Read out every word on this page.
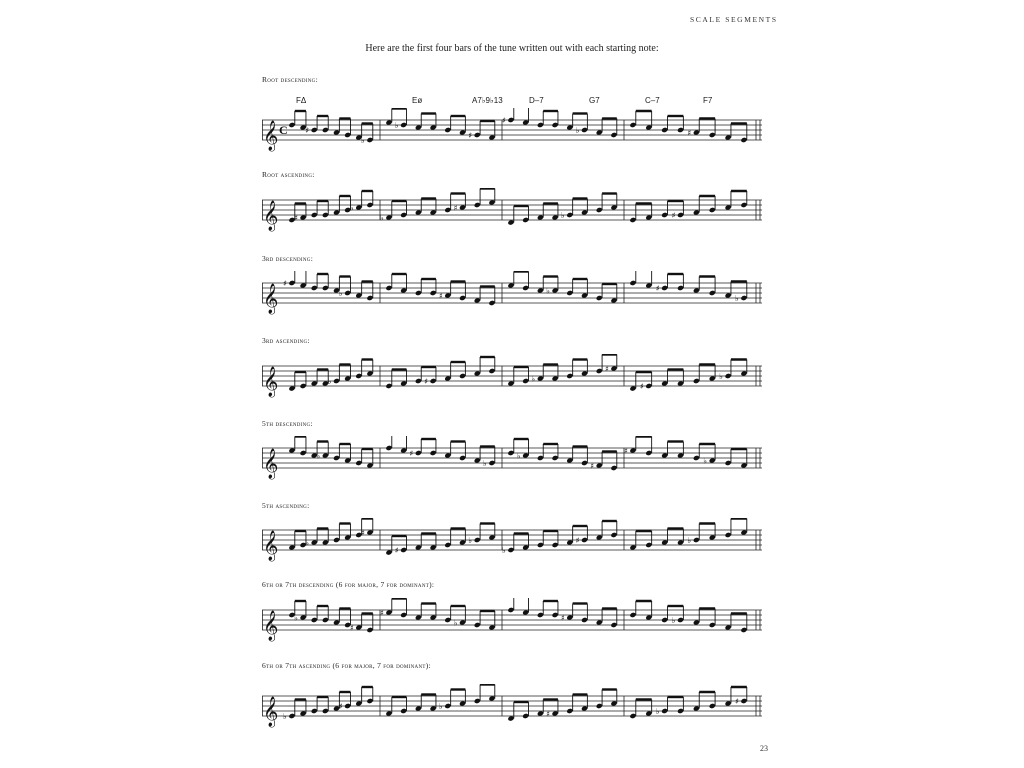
SCALE SEGMENTS
Here are the first four bars of the tune written out with each starting note:
Root descending:
FΔ	Eø	A7♭9♭13	D–7	G7	C–7	F7
𝄞 C ♯
♭
♭
♯
♯
♭	♯
Root ascending:
𝄞 ♯
♭
♭
♯
♭	♯
3rd descending:
𝄞
♯
♭	♯
♭	♯
♭
3rd ascending:
𝄞	♭	♯	♭
♯
♯
♭
5th descending:
𝄞	♭	♯
♭
♭
♯
♯
♭
5th ascending:
𝄞	♭
♯
♯
♭
♭
♯	♭
6th or 7th descending (6 for major, 7 for dominant):
𝄞 ♭
♯
♯
♭
♯	♭
6th or 7th ascending (6 for major, 7 for dominant):
𝄞 ♭
♯	♭
♯	♭
♯
23
